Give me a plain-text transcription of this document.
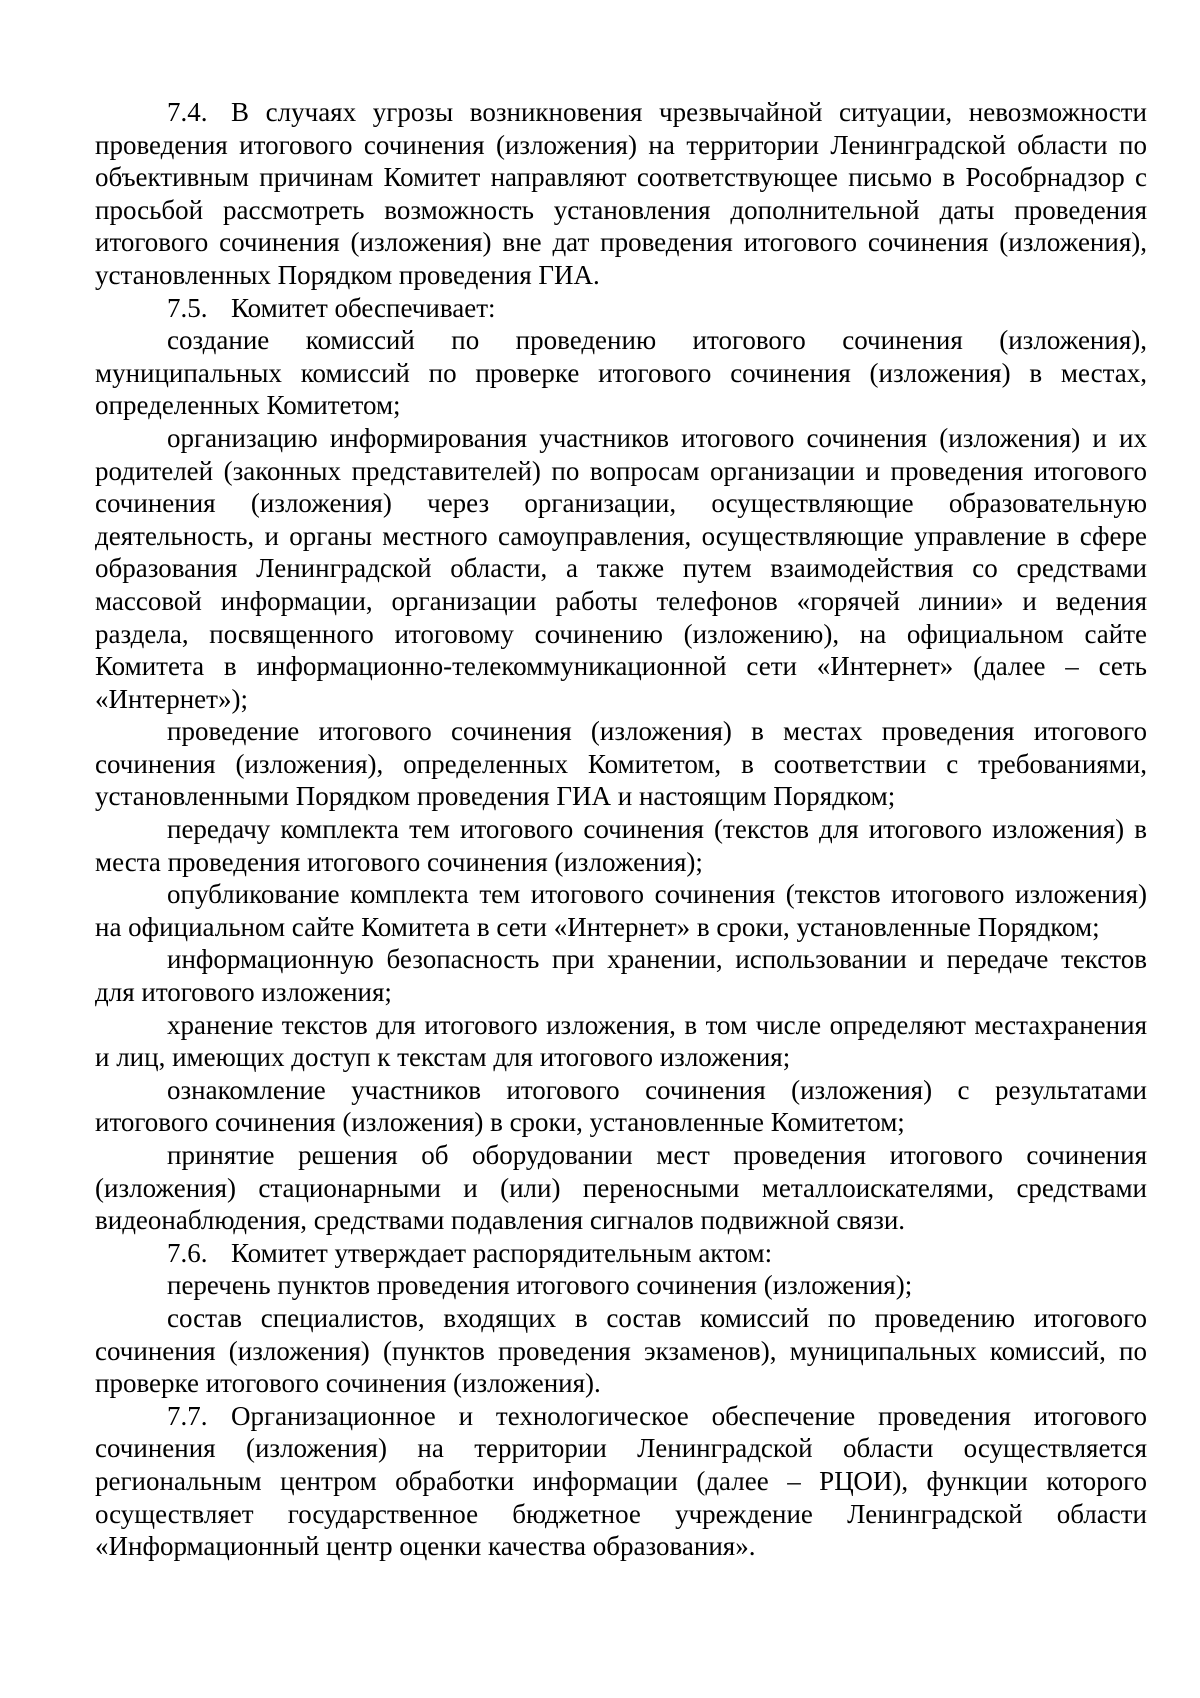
7.4. В случаях угрозы возникновения чрезвычайной ситуации, невозможности проведения итогового сочинения (изложения) на территории Ленинградской области по объективным причинам Комитет направляют соответствующее письмо в Рособрнадзор с просьбой рассмотреть возможность установления дополнительной даты проведения итогового сочинения (изложения) вне дат проведения итогового сочинения (изложения), установленных Порядком проведения ГИА.

7.5. Комитет обеспечивает:

создание комиссий по проведению итогового сочинения (изложения), муниципальных комиссий по проверке итогового сочинения (изложения) в местах, определенных Комитетом;

организацию информирования участников итогового сочинения (изложения) и их родителей (законных представителей) по вопросам организации и проведения итогового сочинения (изложения) через организации, осуществляющие образовательную деятельность, и органы местного самоуправления, осуществляющие управление в сфере образования Ленинградской области, а также путем взаимодействия со средствами массовой информации, организации работы телефонов «горячей линии» и ведения раздела, посвященного итоговому сочинению (изложению), на официальном сайте Комитета в информационно-телекоммуникационной сети «Интернет» (далее – сеть «Интернет»);

проведение итогового сочинения (изложения) в местах проведения итогового сочинения (изложения), определенных Комитетом, в соответствии с требованиями, установленными Порядком проведения ГИА и настоящим Порядком;

передачу комплекта тем итогового сочинения (текстов для итогового изложения) в места проведения итогового сочинения (изложения);

опубликование комплекта тем итогового сочинения (текстов итогового изложения) на официальном сайте Комитета в сети «Интернет» в сроки, установленные Порядком;

информационную безопасность при хранении, использовании и передаче текстов для итогового изложения;

хранение текстов для итогового изложения, в том числе определяют местахранения и лиц, имеющих доступ к текстам для итогового изложения;

ознакомление участников итогового сочинения (изложения) с результатами итогового сочинения (изложения) в сроки, установленные Комитетом;

принятие решения об оборудовании мест проведения итогового сочинения (изложения) стационарными и (или) переносными металлоискателями, средствами видеонаблюдения, средствами подавления сигналов подвижной связи.

7.6. Комитет утверждает распорядительным актом:

перечень пунктов проведения итогового сочинения (изложения);

состав специалистов, входящих в состав комиссий по проведению итогового сочинения (изложения) (пунктов проведения экзаменов), муниципальных комиссий, по проверке итогового сочинения (изложения).

7.7. Организационное и технологическое обеспечение проведения итогового сочинения (изложения) на территории Ленинградской области осуществляется региональным центром обработки информации (далее – РЦОИ), функции которого осуществляет государственное бюджетное учреждение Ленинградской области «Информационный центр оценки качества образования».
